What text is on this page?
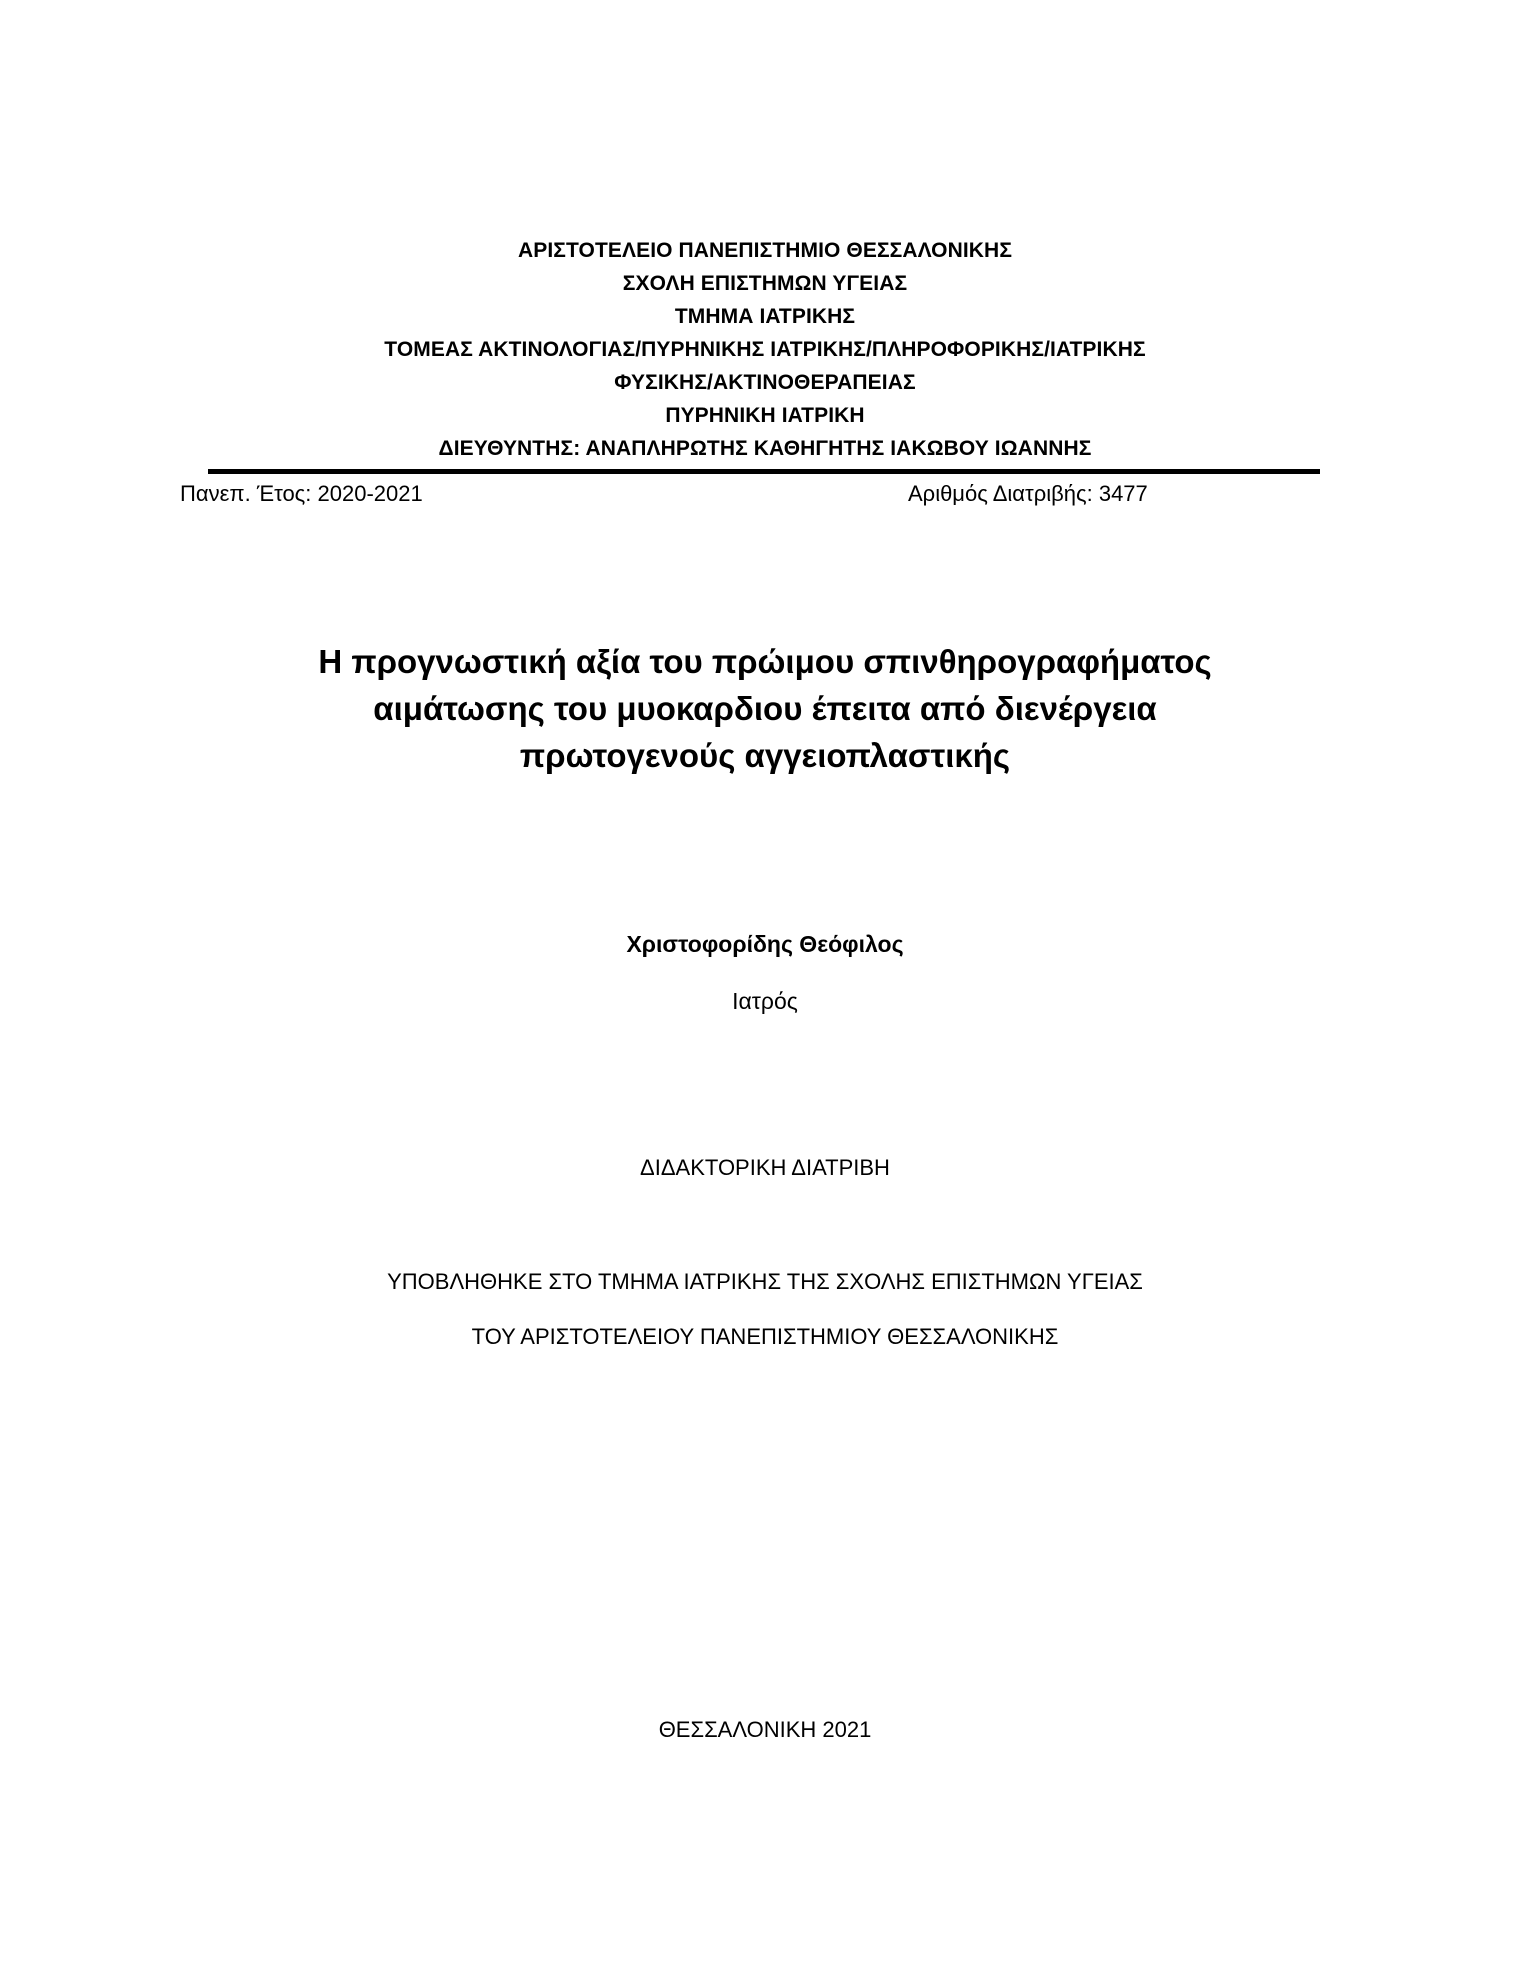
ΑΡΙΣΤΟΤΕΛΕΙΟ ΠΑΝΕΠΙΣΤΗΜΙΟ ΘΕΣΣΑΛΟΝΙΚΗΣ
ΣΧΟΛΗ ΕΠΙΣΤΗΜΩΝ ΥΓΕΙΑΣ
ΤΜΗΜΑ ΙΑΤΡΙΚΗΣ
ΤΟΜΕΑΣ ΑΚΤΙΝΟΛΟΓΙΑΣ/ΠΥΡΗΝΙΚΗΣ ΙΑΤΡΙΚΗΣ/ΠΛΗΡΟΦΟΡΙΚΗΣ/ΙΑΤΡΙΚΗΣ
ΦΥΣΙΚΗΣ/ΑΚΤΙΝΟΘΕΡΑΠΕΙΑΣ
ΠΥΡΗΝΙΚΗ ΙΑΤΡΙΚΗ
ΔΙΕΥΘΥΝΤΗΣ: ΑΝΑΠΛΗΡΩΤΗΣ ΚΑΘΗΓΗΤΗΣ ΙΑΚΩΒΟΥ ΙΩΑΝΝΗΣ
Πανεπ. Έτος: 2020-2021	Αριθμός Διατριβής: 3477
Η προγνωστική αξία του πρώιμου σπινθηρογραφήματος
αιμάτωσης του μυοκαρδιου έπειτα από διενέργεια
πρωτογενούς αγγειοπλαστικής
Χριστοφορίδης Θεόφιλος
Ιατρός
ΔΙΔΑΚΤΟΡΙΚΗ ΔΙΑΤΡΙΒΗ
ΥΠΟΒΛΗΘΗΚΕ ΣΤΟ ΤΜΗΜΑ ΙΑΤΡΙΚΗΣ ΤΗΣ ΣΧΟΛΗΣ ΕΠΙΣΤΗΜΩΝ ΥΓΕΙΑΣ
ΤΟΥ ΑΡΙΣΤΟΤΕΛΕΙΟΥ ΠΑΝΕΠΙΣΤΗΜΙΟΥ ΘΕΣΣΑΛΟΝΙΚΗΣ
ΘΕΣΣΑΛΟΝΙΚΗ 2021
